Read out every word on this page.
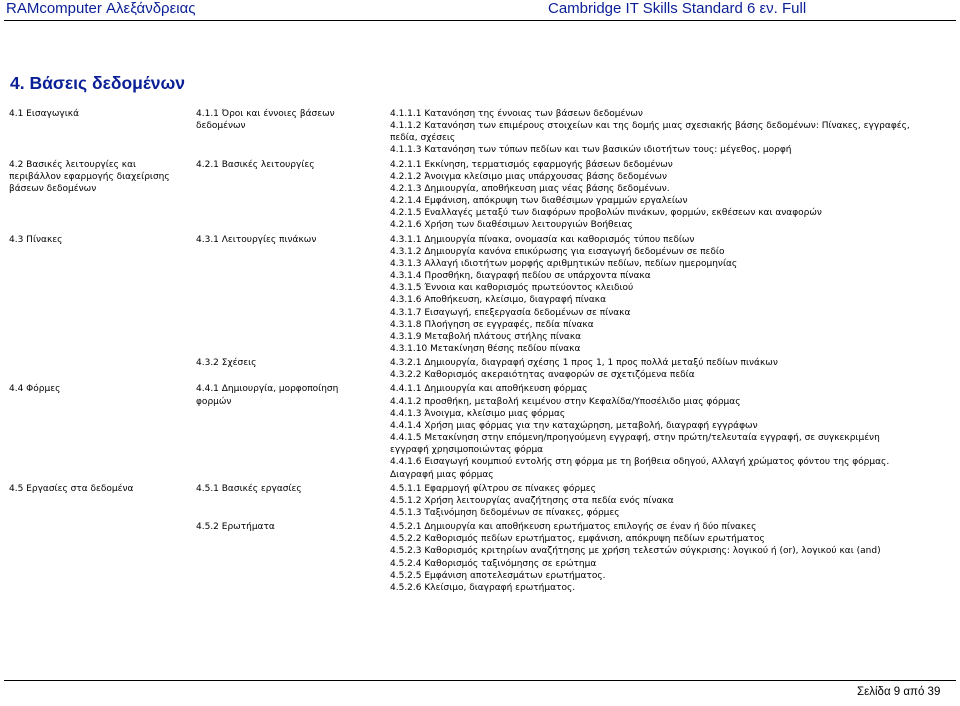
RAMcomputer Αλεξάνδρειας	Cambridge IT Skills Standard 6 εν. Full
4. Βάσεις δεδομένων
4.1 Εισαγωγικά	4.1.1 Όροι και έννοιες βάσεων
δεδομένων
4.1.1.1 Κατανόηση της έννοιας των βάσεων δεδομένων
4.1.1.2 Κατανόηση των επιμέρους στοιχείων και της δομής μιας σχεσιακής βάσης δεδομένων: Πίνακες, εγγραφές,
πεδία, σχέσεις
4.1.1.3 Κατανόηση των τύπων πεδίων και των βασικών ιδιοτήτων τους: μέγεθος, μορφή
4.2 Βασικές λειτουργίες και
περιβάλλον εφαρμογής διαχείρισης
βάσεων δεδομένων
4.2.1 Βασικές λειτουργίες	4.2.1.1 Εκκίνηση, τερματισμός εφαρμογής βάσεων δεδομένων
4.2.1.2 Άνοιγμα κλείσιμο μιας υπάρχουσας βάσης δεδομένων
4.2.1.3 Δημιουργία, αποθήκευση μιας νέας βάσης δεδομένων.
4.2.1.4 Εμφάνιση, απόκρυψη των διαθέσιμων γραμμών εργαλείων
4.2.1.5 Εναλλαγές μεταξύ των διαφόρων προβολών πινάκων, φορμών, εκθέσεων και αναφορών
4.2.1.6 Χρήση των διαθέσιμων λειτουργιών Βοήθειας
4.3 Πίνακες	4.3.1 Λειτουργίες πινάκων	4.3.1.1 Δημιουργία πίνακα, ονομασία και καθορισμός τύπου πεδίων
4.3.1.2 Δημιουργία κανόνα επικύρωσης για εισαγωγή δεδομένων σε πεδίο
4.3.1.3 Αλλαγή ιδιοτήτων μορφής αριθμητικών πεδίων, πεδίων ημερομηνίας
4.3.1.4 Προσθήκη, διαγραφή πεδίου σε υπάρχοντα πίνακα
4.3.1.5 Έννοια και καθορισμός πρωτεύοντος κλειδιού
4.3.1.6 Αποθήκευση, κλείσιμο, διαγραφή πίνακα
4.3.1.7 Εισαγωγή, επεξεργασία δεδομένων σε πίνακα
4.3.1.8 Πλοήγηση σε εγγραφές, πεδία πίνακα
4.3.1.9 Μεταβολή πλάτους στήλης πίνακα
4.3.1.10 Μετακίνηση θέσης πεδίου πίνακα

4.3.2 Σχέσεις	4.3.2.1 Δημιουργία, διαγραφή σχέσης 1 προς 1, 1 προς πολλά μεταξύ πεδίων πινάκων
4.3.2.2 Καθορισμός ακεραιότητας αναφορών σε σχετιζόμενα πεδία
4.4 Φόρμες	4.4.1 Δημιουργία, μορφοποίηση
φορμών
4.4.1.1 Δημιουργία και αποθήκευση φόρμας
4.4.1.2 προσθήκη, μεταβολή κειμένου στην Κεφαλίδα/Υποσέλιδο μιας φόρμας
4.4.1.3 Άνοιγμα, κλείσιμο μιας φόρμας
4.4.1.4 Χρήση μιας φόρμας για την καταχώρηση, μεταβολή, διαγραφή εγγράφων
4.4.1.5 Μετακίνηση στην επόμενη/προηγούμενη εγγραφή, στην πρώτη/τελευταία εγγραφή, σε συγκεκριμένη
εγγραφή χρησιμοποιώντας φόρμα
4.4.1.6 Εισαγωγή κουμπιού εντολής στη φόρμα με τη βοήθεια οδηγού, Αλλαγή χρώματος φόντου της φόρμας.
Διαγραφή μιας φόρμας
4.5 Εργασίες στα δεδομένα	4.5.1 Βασικές εργασίες	4.5.1.1 Εφαρμογή φίλτρου σε πίνακες φόρμες
4.5.1.2 Χρήση λειτουργίας αναζήτησης στα πεδία ενός πίνακα
4.5.1.3 Ταξινόμηση δεδομένων σε πίνακες, φόρμες

4.5.2 Ερωτήματα	4.5.2.1 Δημιουργία και αποθήκευση ερωτήματος επιλογής σε έναν ή δύο πίνακες
4.5.2.2 Καθορισμός πεδίων ερωτήματος, εμφάνιση, απόκρυψη πεδίων ερωτήματος
4.5.2.3 Καθορισμός κριτηρίων αναζήτησης με χρήση τελεστών σύγκρισης: λογικού ή (or), λογικού και (and)
4.5.2.4 Καθορισμός ταξινόμησης σε ερώτημα
4.5.2.5 Εμφάνιση αποτελεσμάτων ερωτήματος.
4.5.2.6 Κλείσιμο, διαγραφή ερωτήματος.
Σελίδα 9 από 39
